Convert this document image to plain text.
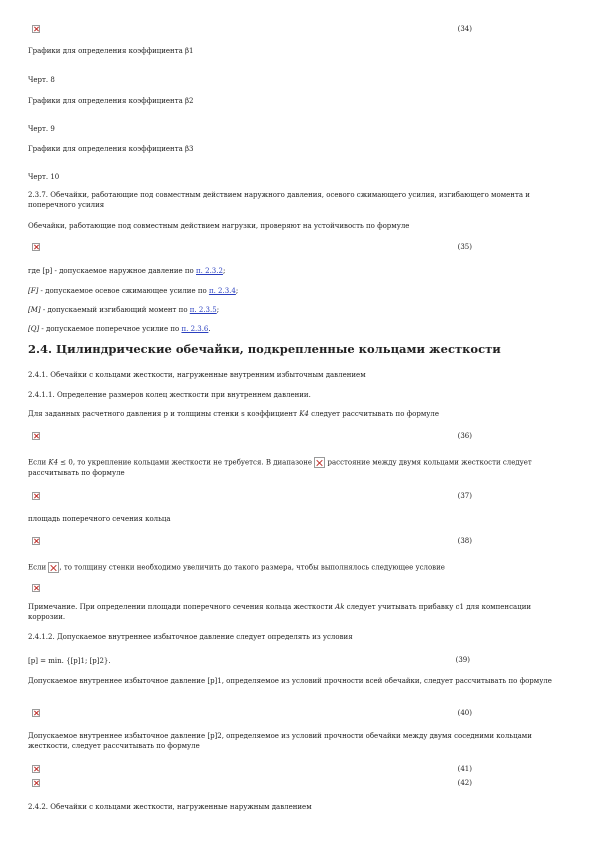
(34)
Графики для определения коэффициента β1
Черт. 8
Графики для определения коэффициента β2
Черт. 9
Графики для определения коэффициента β3
Черт. 10
2.3.7. Обечайки, работающие под совместным действием наружного давления, осевого сжимающего усилия, изгибающего момента и поперечного усилия
Обечайки, работающие под совместным действием нагрузки, проверяют на устойчивость по формуле
(35)
где [p] - допускаемое наружное давление по п. 2.3.2;
[F] - допускаемое осевое сжимающее усилие по п. 2.3.4;
[M] - допускаемый изгибающий момент по п. 2.3.5;
[Q] - допускаемое поперечное усилие по п. 2.3.6.
2.4. Цилиндрические обечайки, подкрепленные кольцами жесткости
2.4.1. Обечайки с кольцами жесткости, нагруженные внутренним избыточным давлением
2.4.1.1. Определение размеров колец жесткости при внутреннем давлении.
Для заданных расчетного давления р и толщины стенки s коэффициент K4 следует рассчитывать по формуле
(36)
Если K4 ≤ 0, то укрепление кольцами жесткости не требуется. В диапазоне  расстояние между двумя кольцами жесткости следует рассчитывать по формуле
(37)
площадь поперечного сечения кольца
(38)
Если , то толщину стенки необходимо увеличить до такого размера, чтобы выполнялось следующее условие
Примечание. При определении площади поперечного сечения кольца жесткости Ak следует учитывать прибавку c1 для компенсации коррозии.
2.4.1.2. Допускаемое внутреннее избыточное давление следует определять из условия
[p] = min. {[p]1; [p]2}.	(39)
Допускаемое внутреннее избыточное давление [p]1, определяемое из условий прочности всей обечайки, следует рассчитывать по формуле
(40)
Допускаемое внутреннее избыточное давление [p]2, определяемое из условий прочности обечайки между двумя соседними кольцами жесткости, следует рассчитывать по формуле
(41)
(42)
2.4.2. Обечайки с кольцами жесткости, нагруженные наружным давлением
